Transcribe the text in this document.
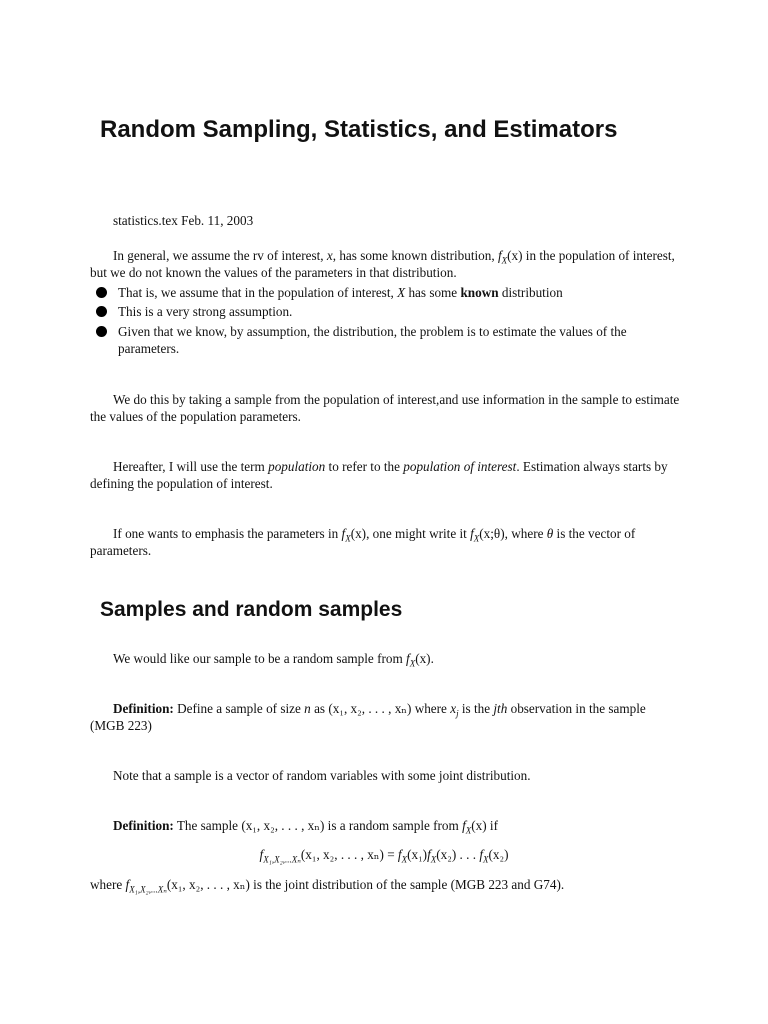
Random Sampling, Statistics, and Estimators
statistics.tex Feb. 11, 2003
In general, we assume the rv of interest, x, has some known distribution, $f_X(x)$ in the population of interest, but we do not known the values of the parameters in that distribution.
That is, we assume that in the population of interest, X has some known distribution
This is a very strong assumption.
Given that we know, by assumption, the distribution, the problem is to estimate the values of the parameters.
We do this by taking a sample from the population of interest,and use information in the sample to estimate the values of the population parameters.
Hereafter, I will use the term population to refer to the population of interest. Estimation always starts by defining the population of interest.
If one wants to emphasis the parameters in $f_X(x)$, one might write it $f_X(x;\theta)$, where θ is the vector of parameters.
Samples and random samples
We would like our sample to be a random sample from $f_X(x)$.
Definition: Define a sample of size n as (x₁, x₂, . . . , xₙ) where $x_j$ is the jth observation in the sample (MGB 223)
Note that a sample is a vector of random variables with some joint distribution.
Definition: The sample (x₁, x₂, . . . , xₙ) is a random sample from $f_X(x)$ if
$f_{X_1,X_2,...X_n}(x_1$, x₂, . . . , $x_n) = f_X(x_1)f_X(x_2)$ . . . $f_X(x_2)$
where $f_{X_1,X_2,...X_n}(x_1$, x₂, . . . , xₙ) is the joint distribution of the sample (MGB 223 and G74).
